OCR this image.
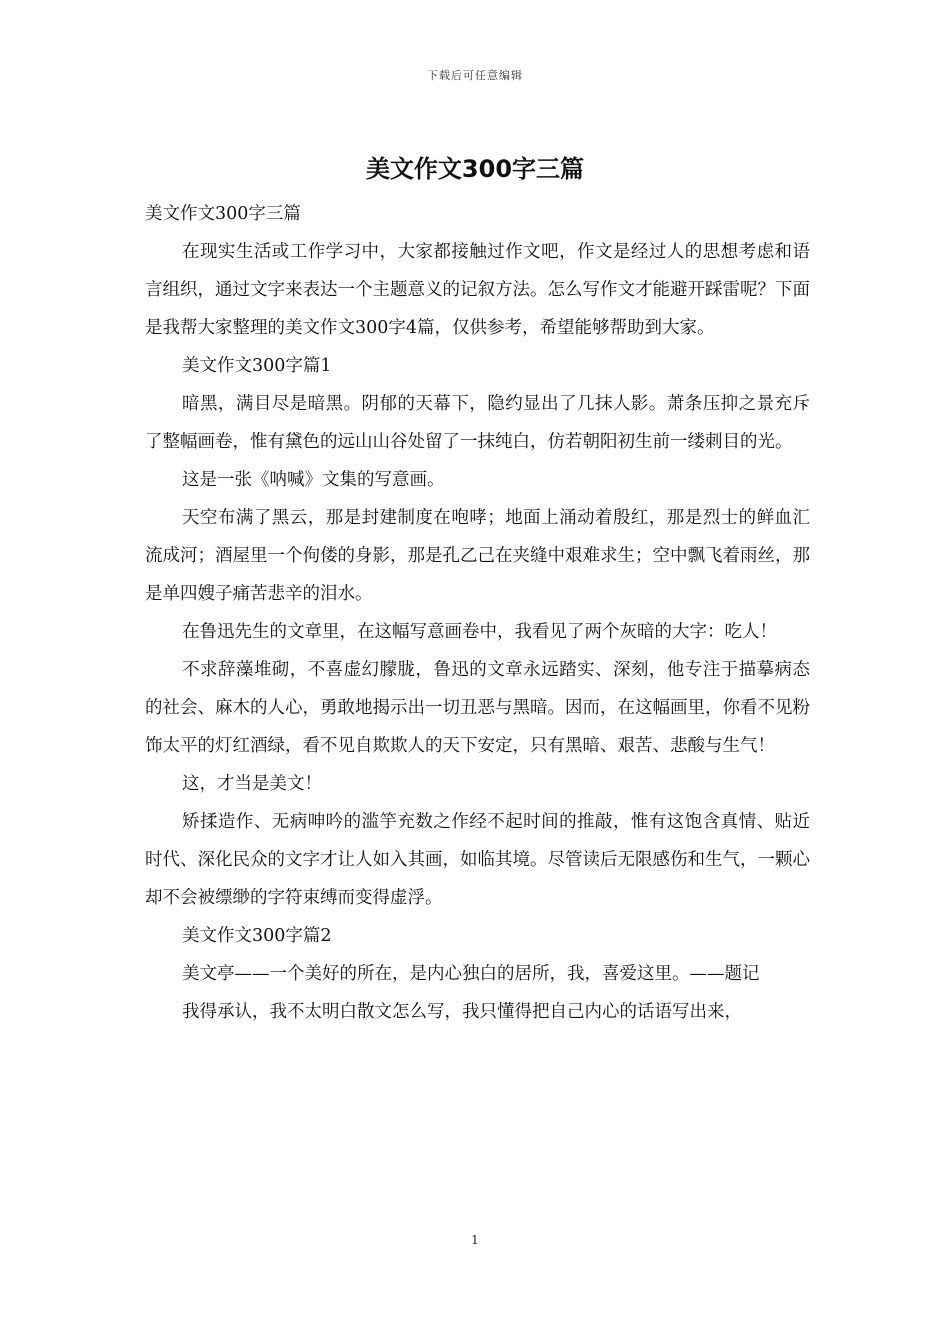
下载后可任意编辑
美文作文300字三篇

美文作文300字三篇

在现实生活或工作学习中，大家都接触过作文吧，作文是经过人的思想考虑和语言组织，通过文字来表达一个主题意义的记叙方法。怎么写作文才能避开踩雷呢？下面是我帮大家整理的美文作文300字4篇，仅供参考，希望能够帮助到大家。

美文作文300字篇1

暗黑，满目尽是暗黑。阴郁的天幕下，隐约显出了几抹人影。萧条压抑之景充斥了整幅画卷，惟有黛色的远山山谷处留了一抹纯白，仿若朝阳初生前一缕刺目的光。

这是一张《呐喊》文集的写意画。

天空布满了黑云，那是封建制度在咆哮；地面上涌动着殷红，那是烈士的鲜血汇流成河；酒屋里一个佝偻的身影，那是孔乙己在夹缝中艰难求生；空中飘飞着雨丝，那是单四嫂子痛苦悲辛的泪水。

在鲁迅先生的文章里，在这幅写意画卷中，我看见了两个灰暗的大字：吃人！

不求辞藻堆砌，不喜虚幻朦胧，鲁迅的文章永远踏实、深刻，他专注于描摹病态的社会、麻木的人心，勇敢地揭示出一切丑恶与黑暗。因而，在这幅画里，你看不见粉饰太平的灯红酒绿，看不见自欺欺人的天下安定，只有黑暗、艰苦、悲酸与生气！

这，才当是美文！

矫揉造作、无病呻吟的滥竽充数之作经不起时间的推敲，惟有这饱含真情、贴近时代、深化民众的文字才让人如入其画，如临其境。尽管读后无限感伤和生气，一颗心却不会被缥缈的字符束缚而变得虚浮。

美文作文300字篇2

美文亭——一个美好的所在，是内心独白的居所，我，喜爱这里。——题记

我得承认，我不太明白散文怎么写，我只懂得把自己内心的话语写出来，

1
